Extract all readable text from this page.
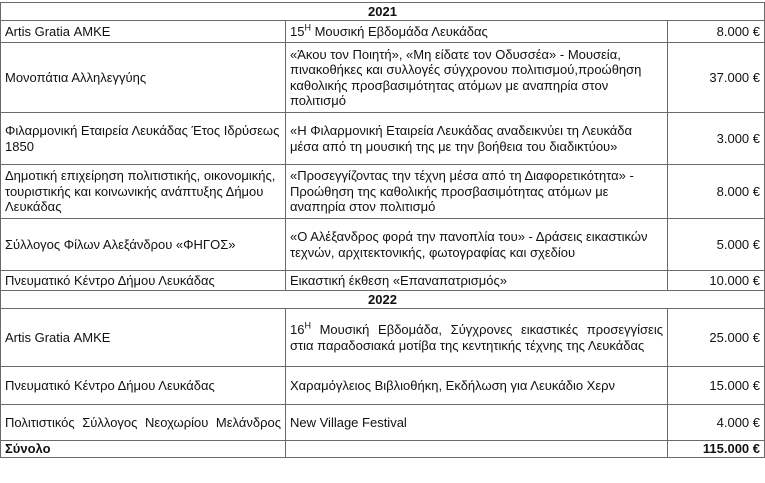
2021		
Artis Gratia ΑΜΚΕ	$15^H$ Μουσική Εβδομάδα Λευκάδας	8.000 €
Μονοπάτια Αλληλεγγύης	«Άκου τον Ποιητή», «Μη είδατε τον Οδυσσέα» - Μουσεία, πινακοθήκες και συλλογές σύγχρονου πολιτισμού,προώθηση καθολικής προσβασιμότητας ατόμων με αναπηρία στον πολιτισμό	37.000 €
Φιλαρμονική Εταιρεία Λευκάδας Έτος Ιδρύσεως 1850	«Η Φιλαρμονική Εταιρεία Λευκάδας αναδεικνύει τη Λευκάδα μέσα από τη μουσική της με την βοήθεια του διαδικτύου»	3.000 €
Δημοτική επιχείρηση πολιτιστικής, οικονομικής, τουριστικής και κοινωνικής ανάπτυξης Δήμου Λευκάδας	«Προσεγγίζοντας την τέχνη μέσα από τη Διαφορετικότητα» - Προώθηση της καθολικής προσβασιμότητας ατόμων με αναπηρία στον πολιτισμό	8.000 €
Σύλλογος Φίλων Αλεξάνδρου «ΦΗΓΟΣ»	«Ο Αλέξανδρος φορά την πανοπλία του» - Δράσεις εικαστικών τεχνών, αρχιτεκτονικής, φωτογραφίας και σχεδίου	5.000 €
Πνευματικό Κέντρο Δήμου Λευκάδας	Εικαστική έκθεση «Επαναπατρισμός»	10.000 €
2022		
Artis Gratia ΑΜΚΕ	$16^H$ Μουσική Εβδομάδα, Σύγχρονες εικαστικές προσεγγίσεις στια παραδοσιακά μοτίβα της κεντητικής τέχνης της Λευκάδας	25.000 €
Πνευματικό Κέντρο Δήμου Λευκάδας	Χαραμόγλειος Βιβλιοθήκη, Εκδήλωση για Λευκάδιο Χερν	15.000 €
Πολιτιστικός Σύλλογος Νεοχωρίου Μελάνδρος	New Village Festival	4.000 €
Σύνολο		115.000 €
